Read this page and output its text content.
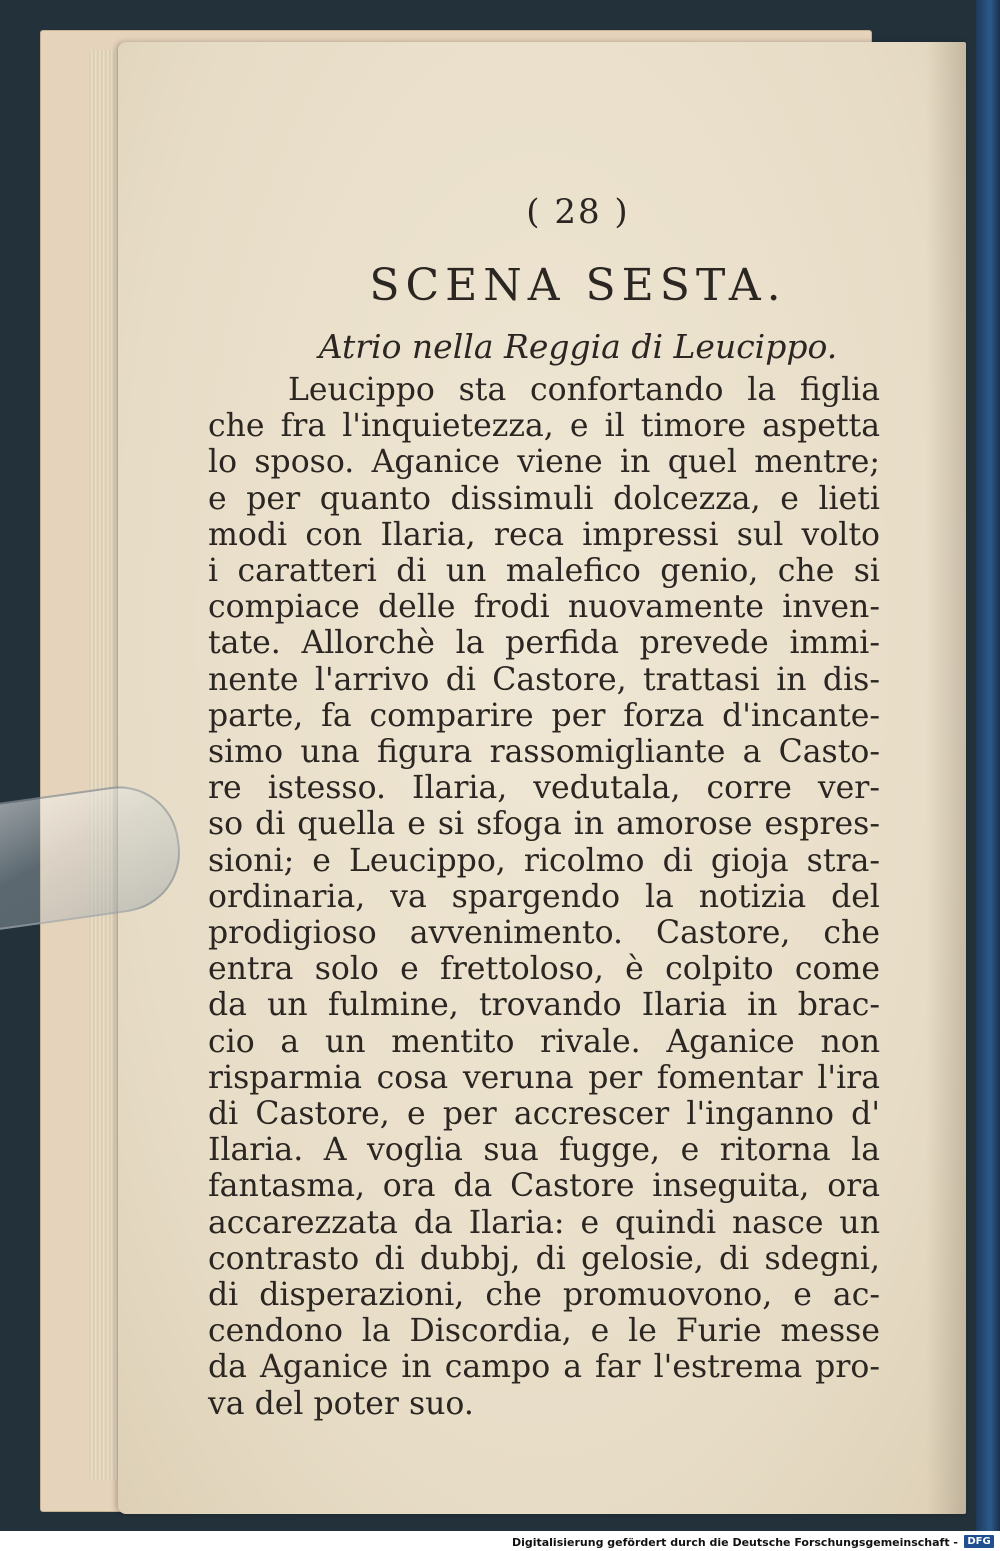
( 28 )
SCENA SESTA.
Atrio nella Reggia di Leucippo.
Leucippo sta confortando la figlia
che fra l'inquietezza, e il timore aspetta
lo sposo. Aganice viene in quel mentre;
e per quanto dissimuli dolcezza, e lieti
modi con Ilaria, reca impressi sul volto
i caratteri di un malefico genio, che si
compiace delle frodi nuovamente inven-
tate. Allorchè la perfida prevede immi-
nente l'arrivo di Castore, trattasi in dis-
parte, fa comparire per forza d'incante-
simo una figura rassomigliante a Casto-
re istesso. Ilaria, vedutala, corre ver-
so di quella e si sfoga in amorose espres-
sioni; e Leucippo, ricolmo di gioja stra-
ordinaria, va spargendo la notizia del
prodigioso avvenimento. Castore, che
entra solo e frettoloso, è colpito come
da un fulmine, trovando Ilaria in brac-
cio a un mentito rivale. Aganice non
risparmia cosa veruna per fomentar l'ira
di Castore, e per accrescer l'inganno d'
Ilaria. A voglia sua fugge, e ritorna la
fantasma, ora da Castore inseguita, ora
accarezzata da Ilaria: e quindi nasce un
contrasto di dubbj, di gelosie, di sdegni,
di disperazioni, che promuovono, e ac-
cendono la Discordia, e le Furie messe
da Aganice in campo a far l'estrema pro-
va del poter suo.
Digitalisierung gefördert durch die Deutsche Forschungsgemeinschaft - DFG
